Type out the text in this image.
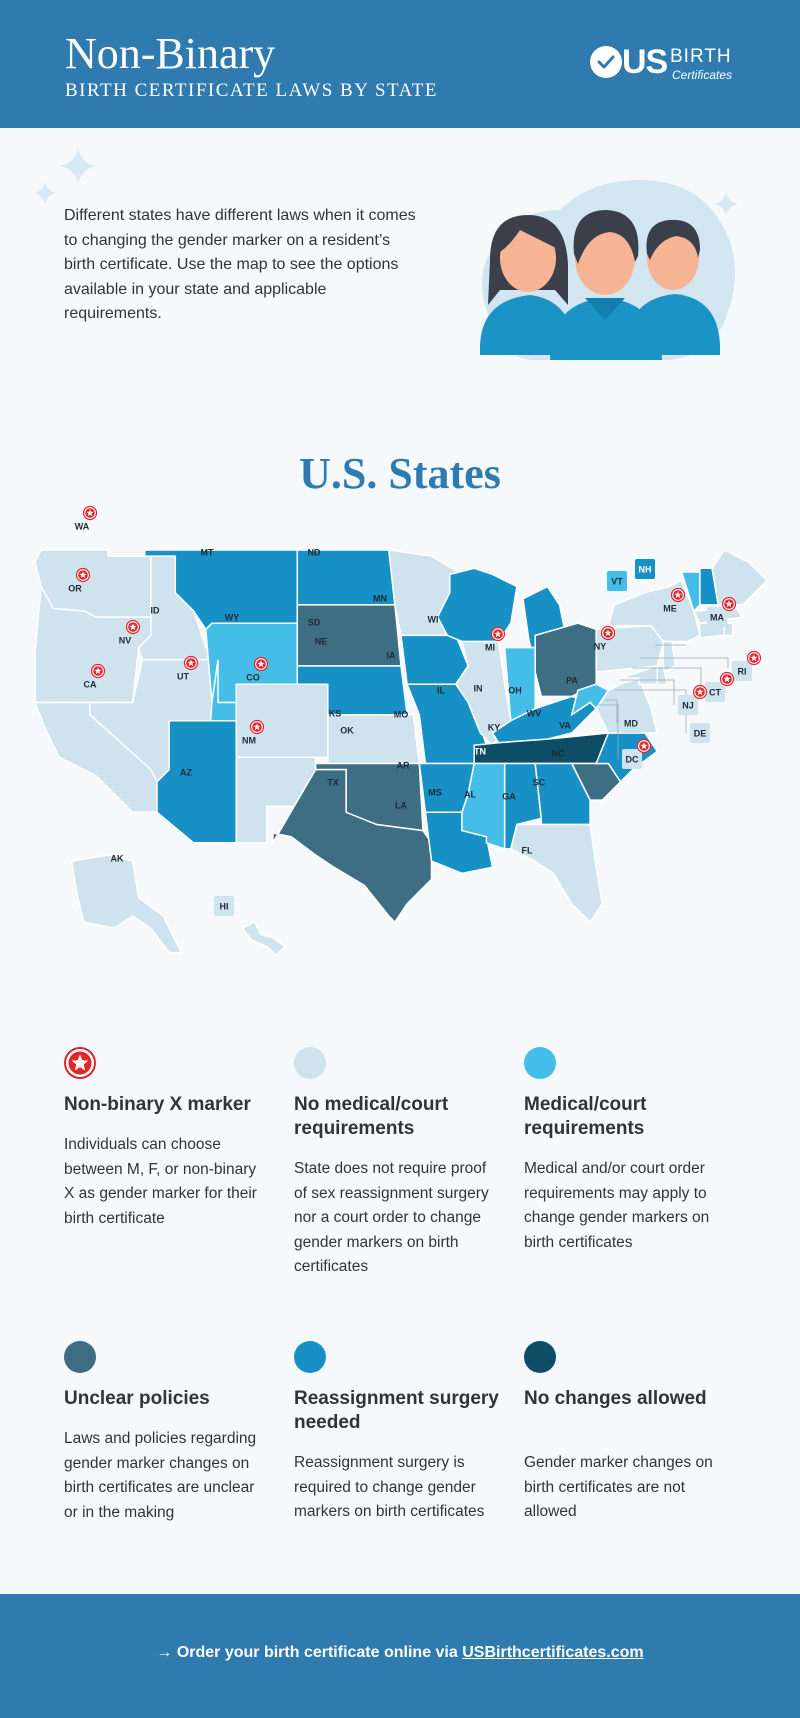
Non-Binary
BIRTH CERTIFICATE LAWS BY STATE
US BIRTH
Certificates
Different states have different laws when it comes to changing the gender marker on a resident’s birth certificate. Use the map to see the options available in your state and applicable requirements.
U.S. States
WA
OR
CA
NV
ID
MT
WY
UT
AZ
CO
NM
ND
SD
NE
KS
OK
TX
MN
IA
MO
AR
LA
WI
IL
MI
IN	OH
KY
TN
MS AL	GA
FL
SC
NC
VA
WV
PA
NY
VT
NH
ME
MA
RI
CT
NJ
DE
MD
DC
AK
HI
Non-binary X marker
Individuals can choose between M, F, or non-binary X as gender marker for their birth certificate
No medical/court requirements
State does not require proof of sex reassignment surgery nor a court order to change gender markers on birth certificates
Medical/court requirements
Medical and/or court order requirements may apply to change gender markers on birth certificates
Unclear policies
Laws and policies regarding gender marker changes on birth certificates are unclear or in the making
Reassignment surgery needed
Reassignment surgery is required to change gender markers on birth certificates
No changes allowed
Gender marker changes on birth certificates are not allowed
→ Order your birth certificate online via USBirthcertificates.com
